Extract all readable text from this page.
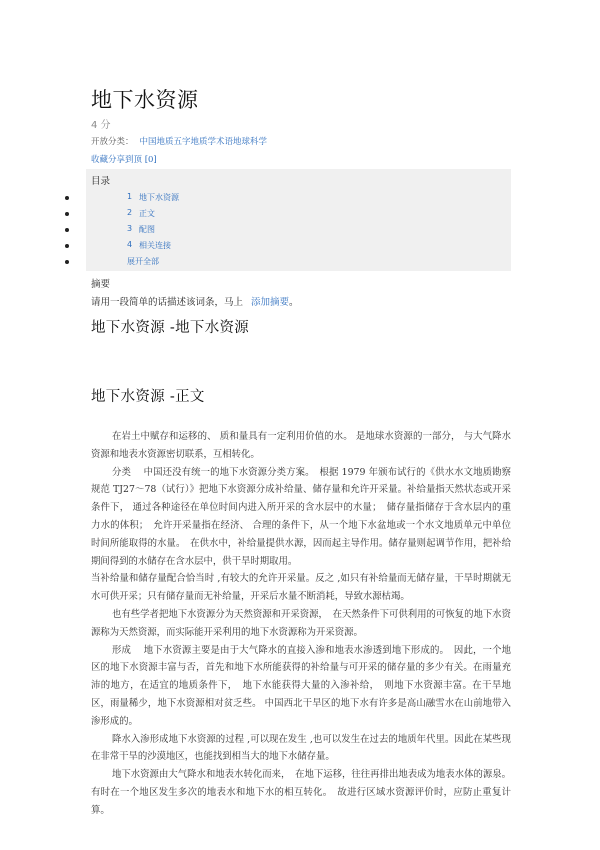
地下水资源
4 分
开放分类： 中国地质五字地质学术语地球科学
收藏分享到顶 [0]
目录
1 地下水资源
2 正文
3 配图
4 相关连接
展开全部
摘要
请用一段简单的话描述该词条，马上 添加摘要。
地下水资源 -地下水资源
地下水资源 -正文

在岩土中赋存和运移的、 质和量具有一定利用价值的水。 是地球水资源的一部分， 与大气降水资源和地表水资源密切联系，互相转化。

分类　 中国还没有统一的地下水资源分类方案。　根据 1979 年颁布试行的《供水水文地质勘察规范 TJ27～78（试行）》把地下水资源分成补给量、储存量和允许开采量。补给量指天然状态或开采条件下， 通过各种途径在单位时间内进入所开采的含水层中的水量；　储存量指储存于含水层内的重力水的体积；　允许开采量指在经济、 合理的条件下，从一个地下水盆地或一个水文地质单元中单位时间所能取得的水量。　在供水中，补给量提供水源，因而起主导作用。储存量则起调节作用，把补给期间得到的水储存在含水层中，供干旱时期取用。

当补给量和储存量配合恰当时 ,有较大的允许开采量。反之 ,如只有补给量而无储存量，干旱时期就无水可供开采；只有储存量而无补给量，开采后水量不断消耗，导致水源枯竭。

也有些学者把地下水资源分为天然资源和开采资源，　在天然条件下可供利用的可恢复的地下水资源称为天然资源，而实际能开采利用的地下水资源称为开采资源。

形成　 地下水资源主要是由于大气降水的直接入渗和地表水渗透到地下形成的。　因此，一个地区的地下水资源丰富与否，首先和地下水所能获得的补给量与可开采的储存量的多少有关。在雨量充沛的地方，在适宜的地质条件下，　地下水能获得大量的入渗补给，　则地下水资源丰富。在干旱地区，雨量稀少，地下水资源相对贫乏些。 中国西北干旱区的地下水有许多是高山融雪水在山前地带入渗形成的。

降水入渗形成地下水资源的过程 ,可以现在发生 ,也可以发生在过去的地质年代里。因此在某些现在非常干旱的沙漠地区，也能找到相当大的地下水储存量。

地下水资源由大气降水和地表水转化而来，　在地下运移，往往再排出地表成为地表水体的源泉。有时在一个地区发生多次的地表水和地下水的相互转化。　故进行区域水资源评价时，应防止重复计算。
